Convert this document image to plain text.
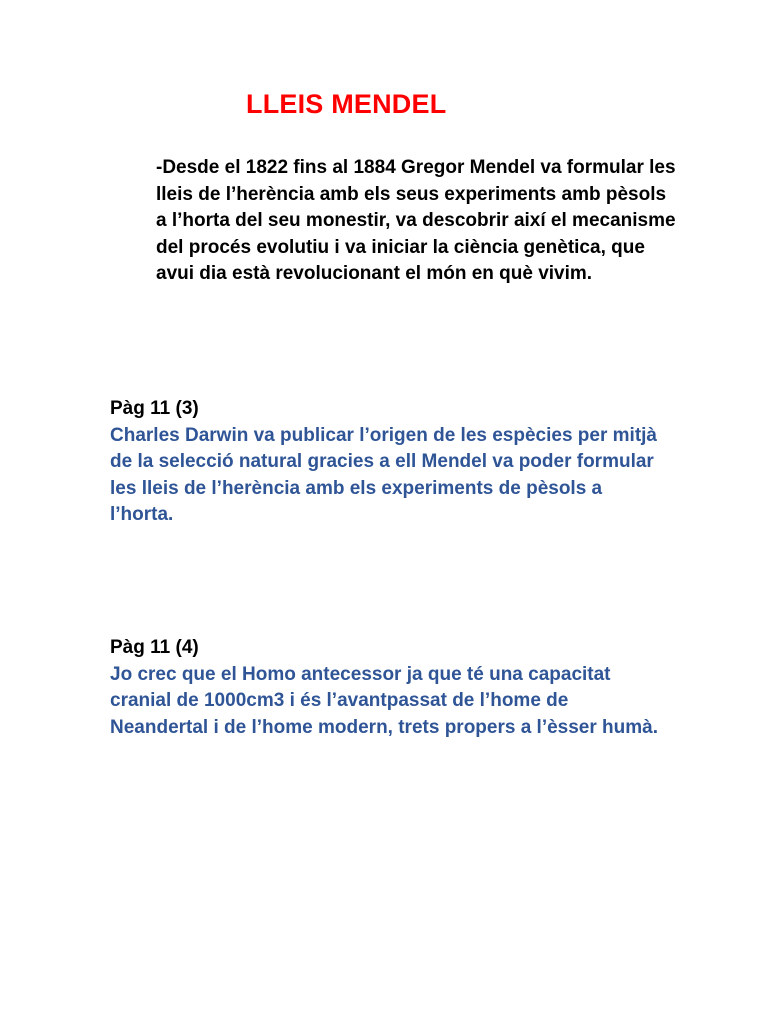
LLEIS MENDEL

-Desde el 1822 fins al 1884 Gregor Mendel va formular les lleis de l’herència amb els seus experiments amb pèsols a l’horta del seu monestir, va descobrir així el mecanisme del procés evolutiu i va iniciar la ciència genètica, que avui dia està revolucionant el món en què vivim.

Pàg 11 (3)

Charles Darwin va publicar l’origen de les espècies per mitjà de la selecció natural gracies a ell Mendel va poder formular les lleis de l’herència amb els experiments de pèsols a l’horta.

Pàg 11 (4)

Jo crec que el Homo antecessor ja que té una capacitat cranial de 1000cm3 i és l’avantpassat de l’home de Neandertal i de l’home modern, trets propers a l’èsser humà.
